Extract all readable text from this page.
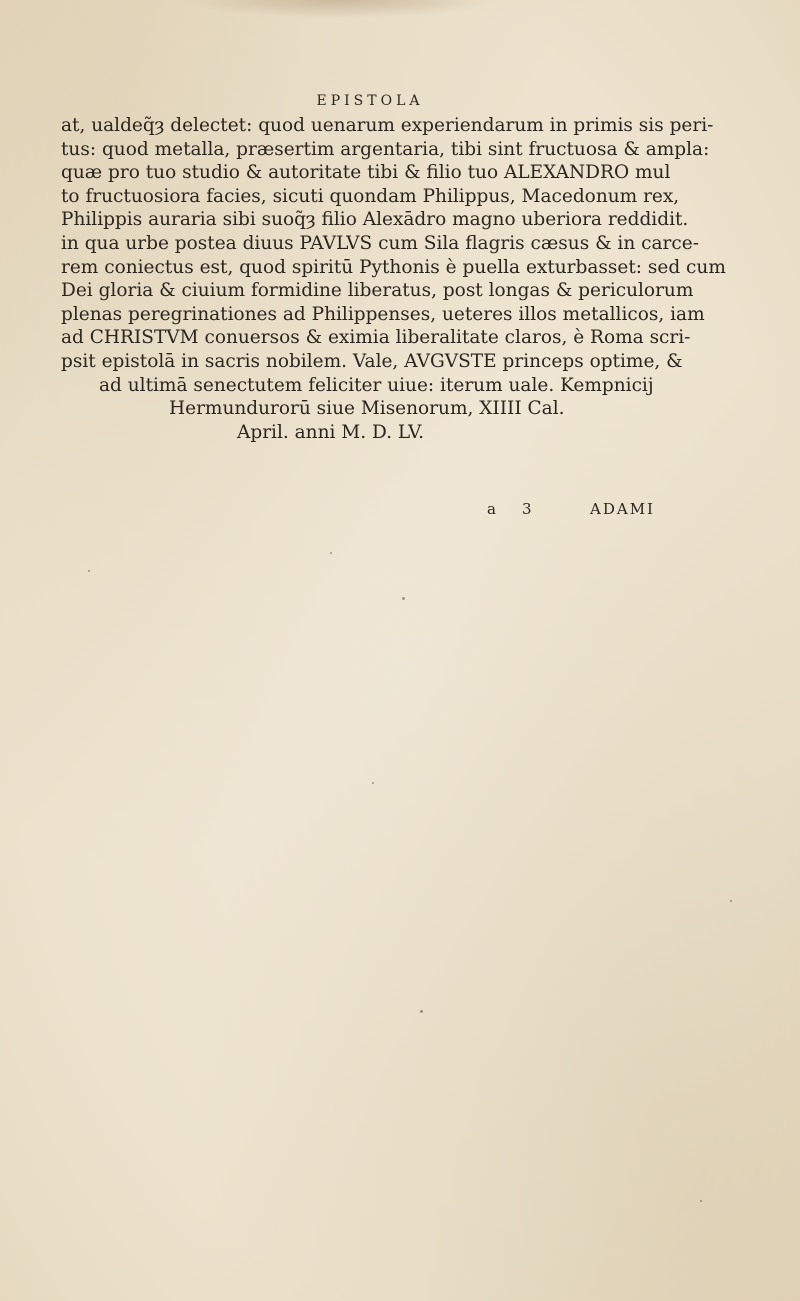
EPISTOLA
at, ualdeq̃ȝ delectet: quod uenarum experiendarum in primis sis peri-
tus: quod metalla, præsertim argentaria, tibi sint fructuosa & ampla:
quæ pro tuo studio & autoritate tibi & filio tuo ALEXANDRO mul
to fructuosiora facies, sicuti quondam Philippus, Macedonum rex,
Philippis auraria sibi suoq̃ȝ filio Alexādro magno uberiora reddidit.
in qua urbe postea diuus PAVLVS cum Sila flagris cæsus & in carce-
rem coniectus est, quod spiritū Pythonis è puella exturbasset: sed cum
Dei gloria & ciuium formidine liberatus, post longas & periculorum
plenas peregrinationes ad Philippenses, ueteres illos metallicos, iam
ad CHRISTVM conuersos & eximia liberalitate claros, è Roma scri-
psit epistolā in sacris nobilem. Vale, AVGVSTE princeps optime, &
ad ultimā senectutem feliciter uiue: iterum uale. Kempnicij
Hermundurorū siue Misenorum, XIIII Cal.
April. anni M. D. LV.
a 3	ADAMI
